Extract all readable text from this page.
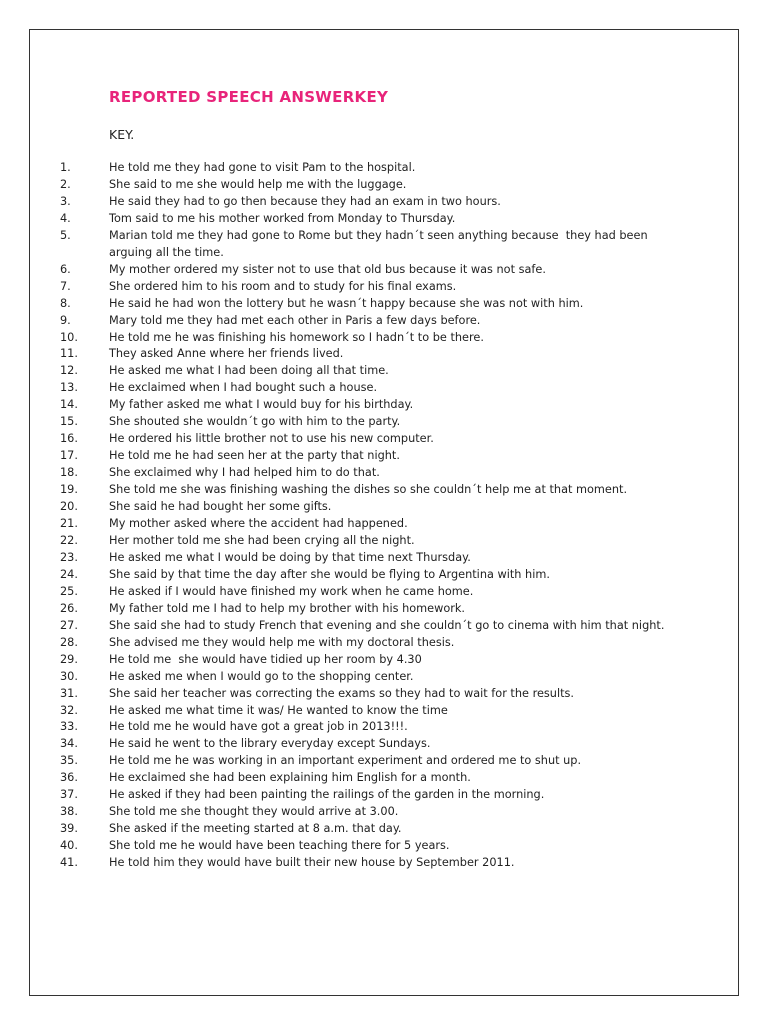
REPORTED SPEECH ANSWERKEY
KEY.
1.	He told me they had gone to visit Pam to the hospital.
2.	She said to me she would help me with the luggage.
3.	He said they had to go then because they had an exam in two hours.
4.	Tom said to me his mother worked from Monday to Thursday.
5.	Marian told me they had gone to Rome but they hadn´t seen anything because  they had been
arguing all the time.
6.	My mother ordered my sister not to use that old bus because it was not safe.
7.	She ordered him to his room and to study for his final exams.
8.	He said he had won the lottery but he wasn´t happy because she was not with him.
9.	Mary told me they had met each other in Paris a few days before.
10.	He told me he was finishing his homework so I hadn´t to be there.
11.	They asked Anne where her friends lived.
12.	He asked me what I had been doing all that time.
13.	He exclaimed when I had bought such a house.
14.	My father asked me what I would buy for his birthday.
15.	She shouted she wouldn´t go with him to the party.
16.	He ordered his little brother not to use his new computer.
17.	He told me he had seen her at the party that night.
18.	She exclaimed why I had helped him to do that.
19.	She told me she was finishing washing the dishes so she couldn´t help me at that moment.
20.	She said he had bought her some gifts.
21.	My mother asked where the accident had happened.
22.	Her mother told me she had been crying all the night.
23.	He asked me what I would be doing by that time next Thursday.
24.	She said by that time the day after she would be flying to Argentina with him.
25.	He asked if I would have finished my work when he came home.
26.	My father told me I had to help my brother with his homework.
27.	She said she had to study French that evening and she couldn´t go to cinema with him that night.
28.	She advised me they would help me with my doctoral thesis.
29.	He told me  she would have tidied up her room by 4.30
30.	He asked me when I would go to the shopping center.
31.	She said her teacher was correcting the exams so they had to wait for the results.
32.	He asked me what time it was/ He wanted to know the time
33.	He told me he would have got a great job in 2013!!!.
34.	He said he went to the library everyday except Sundays.
35.	He told me he was working in an important experiment and ordered me to shut up.
36.	He exclaimed she had been explaining him English for a month.
37.	He asked if they had been painting the railings of the garden in the morning.
38.	She told me she thought they would arrive at 3.00.
39.	She asked if the meeting started at 8 a.m. that day.
40.	She told me he would have been teaching there for 5 years.
41.	He told him they would have built their new house by September 2011.
